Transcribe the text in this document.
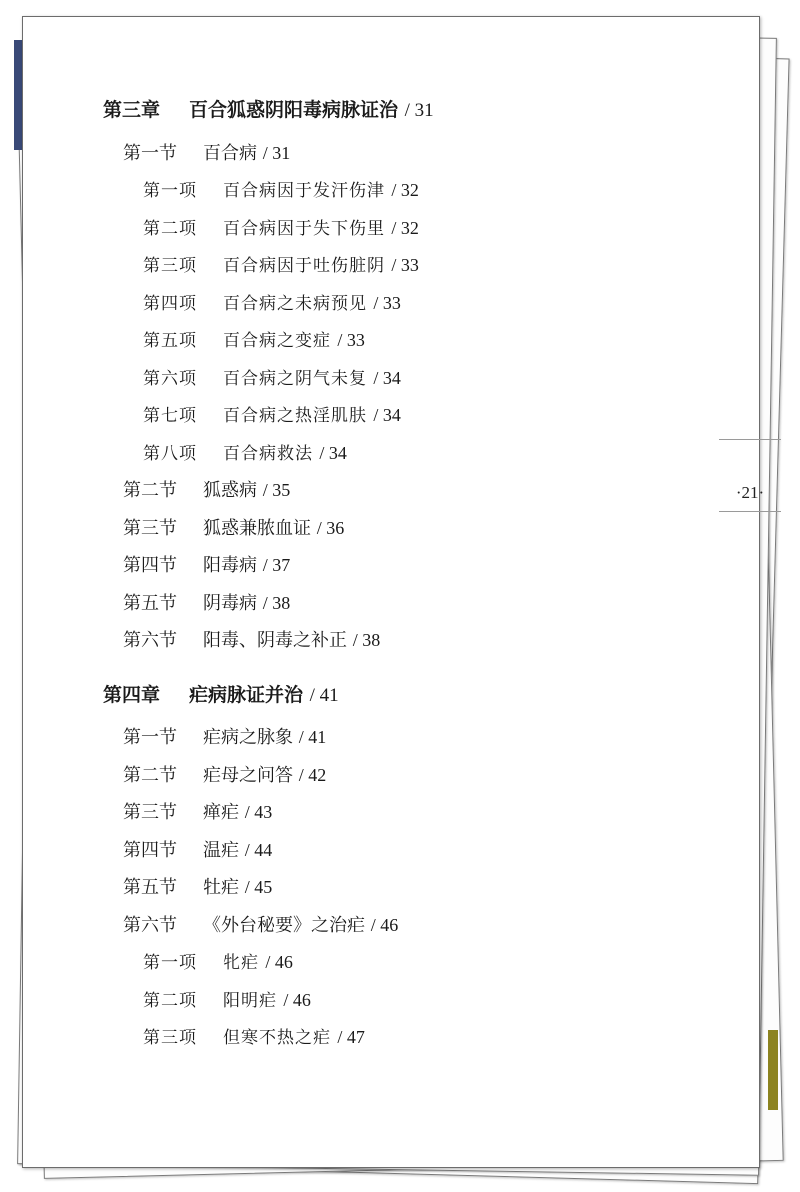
第三章 百合狐惑阴阳毒病脉证治 / 31

第一节 百合病 / 31

第一项 百合病因于发汗伤津 / 32

第二项 百合病因于失下伤里 / 32

第三项 百合病因于吐伤脏阴 / 33

第四项 百合病之未病预见 / 33

第五项 百合病之变症 / 33

第六项 百合病之阴气未复 / 34

第七项 百合病之热淫肌肤 / 34

第八项 百合病救法 / 34

第二节 狐惑病 / 35

第三节 狐惑兼脓血证 / 36

第四节 阳毒病 / 37

第五节 阴毒病 / 38

第六节 阳毒、阴毒之补正 / 38

第四章 疟病脉证并治 / 41

第一节 疟病之脉象 / 41

第二节 疟母之问答 / 42

第三节 瘅疟 / 43

第四节 温疟 / 44

第五节 牡疟 / 45

第六节 《外台秘要》之治疟 / 46

第一项 牝疟 / 46

第二项 阳明疟 / 46

第三项 但寒不热之疟 / 47

·21·
